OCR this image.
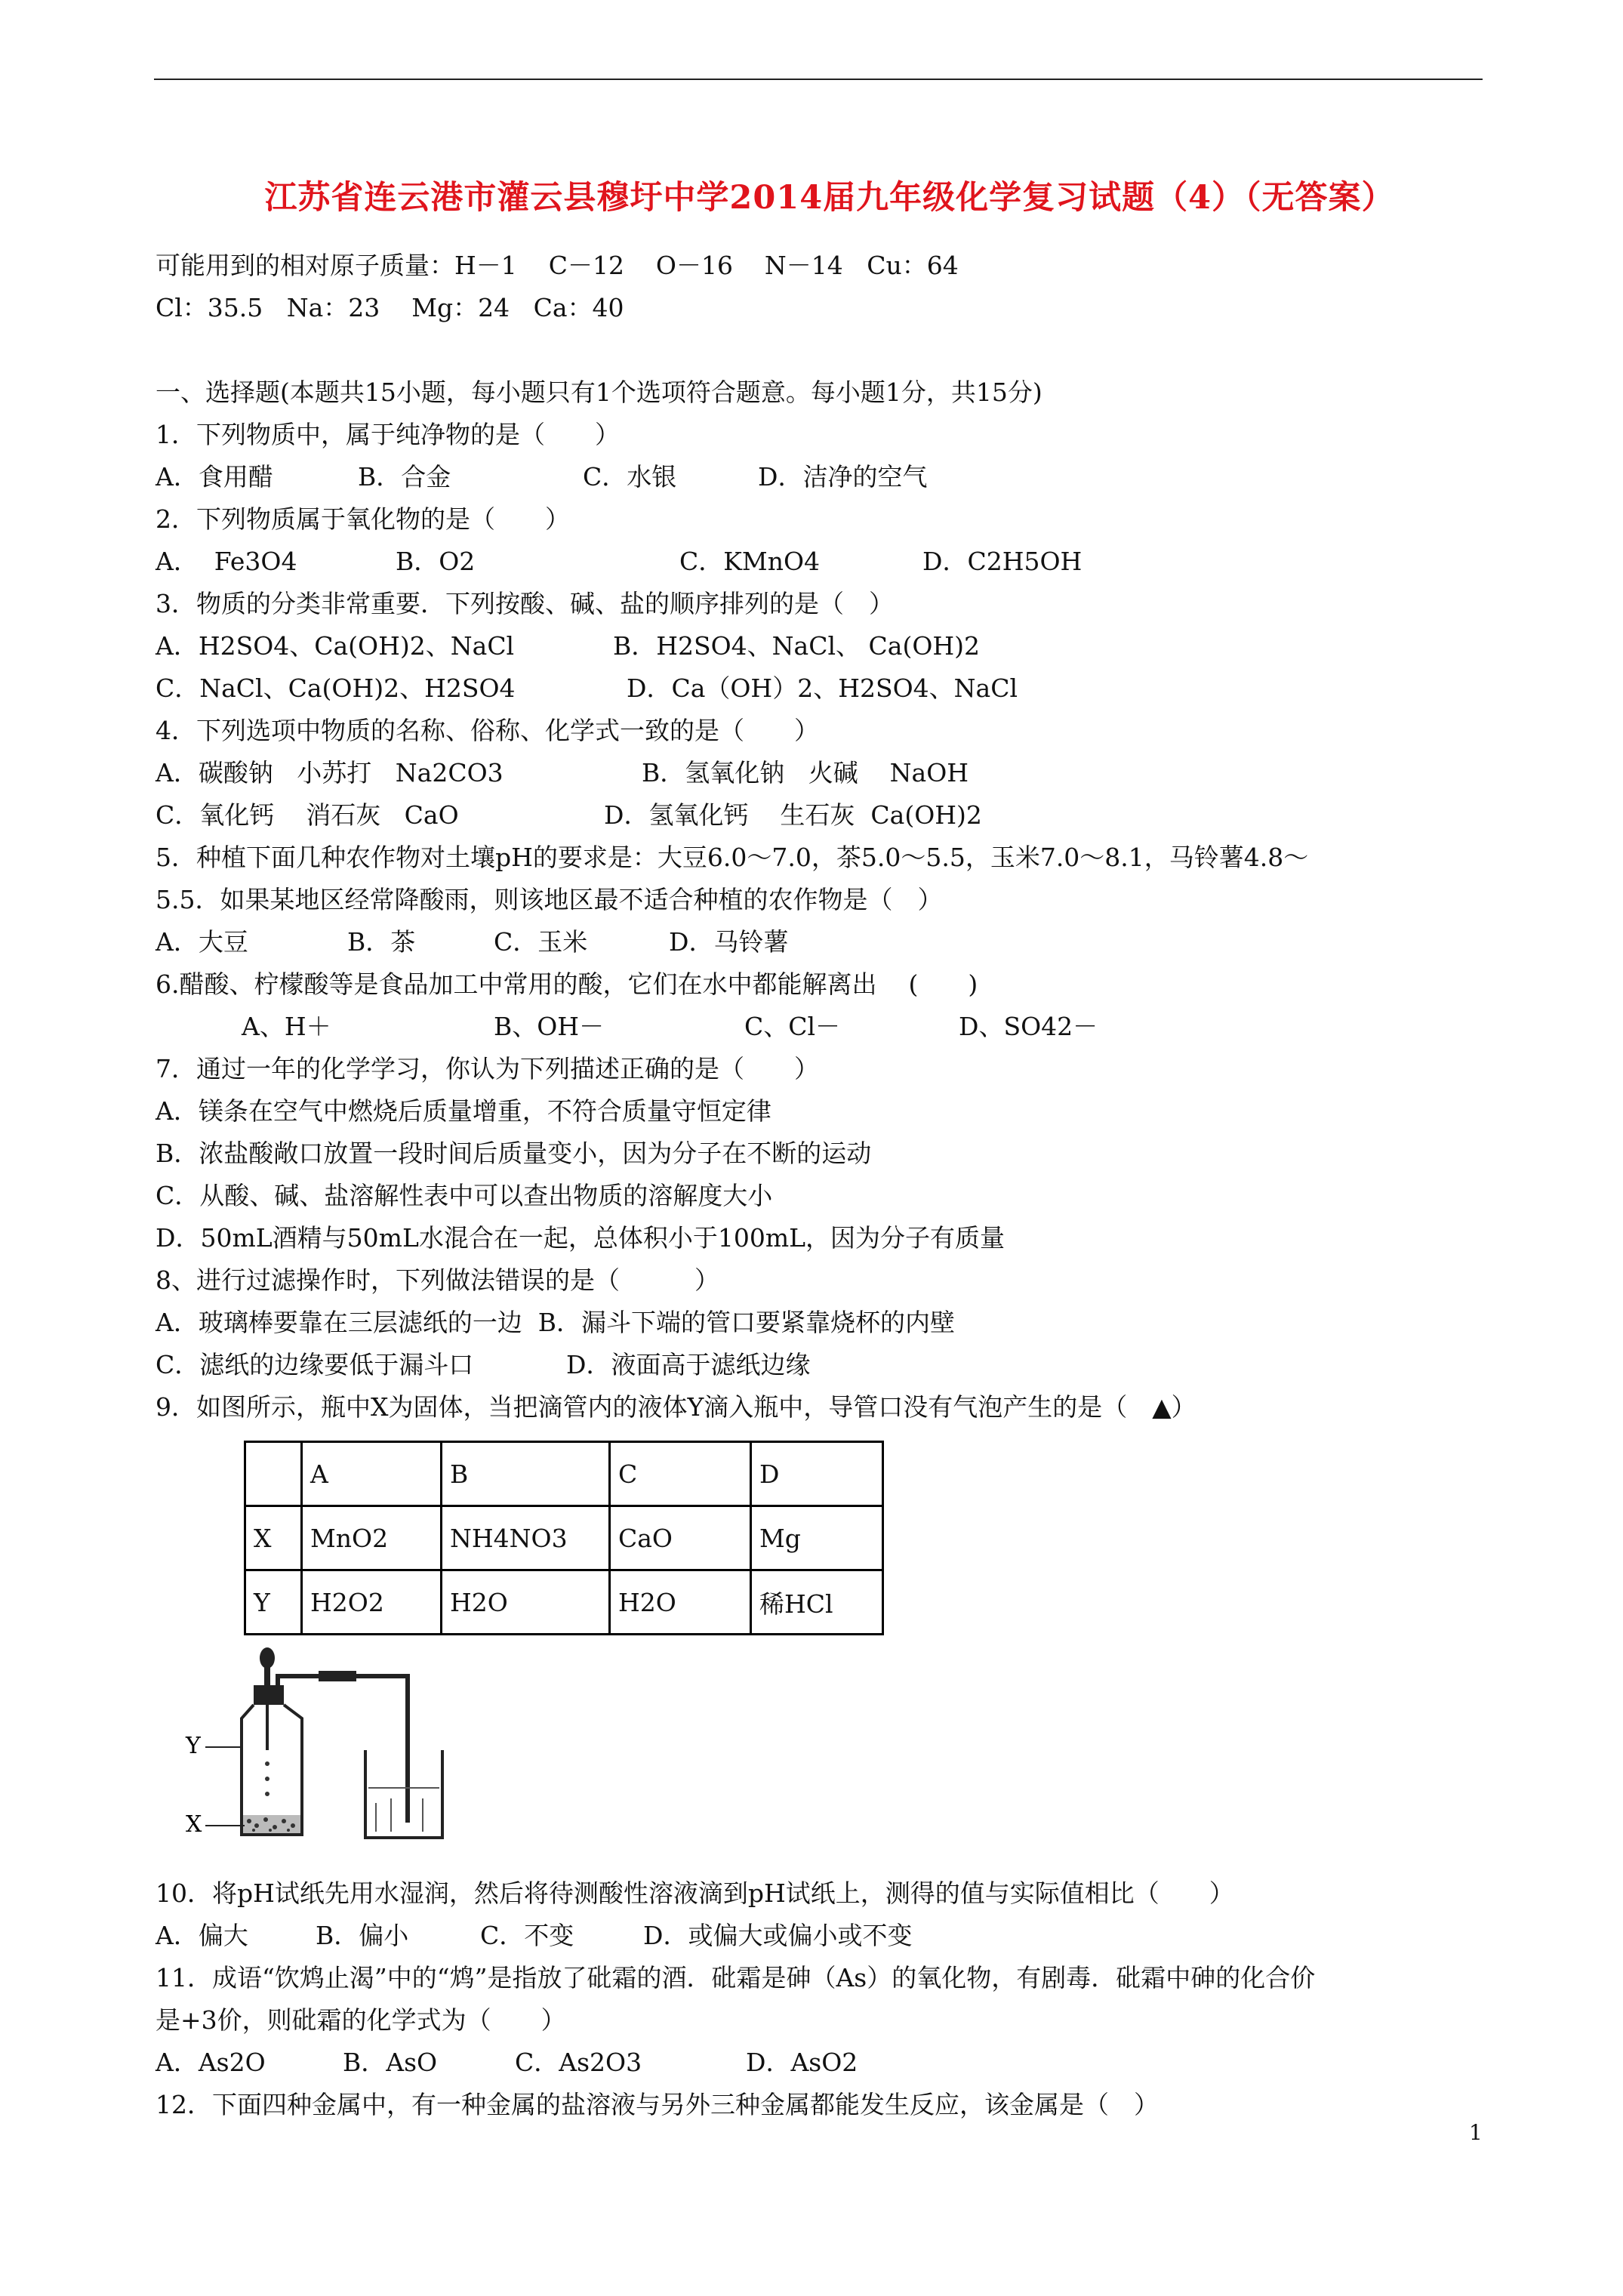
江苏省连云港市灌云县穆圩中学2014届九年级化学复习试题（4）（无答案）
可能用到的相对原子质量：H－1    C－12    O－16    N－14   Cu：64
Cl：35.5   Na：23    Mg：24   Ca：40
一、选择题(本题共15小题，每小题只有1个选项符合题意。每小题1分，共15分)
1．下列物质中，属于纯净物的是（　　）
A．食用醋	B．合金	C．水银	D．洁净的空气
2．下列物质属于氧化物的是（　　）
A．  Fe3O4	B．O2	C．KMnO4	D．C2H5OH
3．物质的分类非常重要．下列按酸、碱、盐的顺序排列的是（　）
A．H2SO4、Ca(OH)2、NaCl	B．H2SO4、NaCl、 Ca(OH)2
C．NaCl、Ca(OH)2、H2SO4	D．Ca（OH）2、H2SO4、NaCl
4．下列选项中物质的名称、俗称、化学式一致的是（　　）
A．碳酸钠   小苏打   Na2CO3	B．氢氧化钠   火碱    NaOH
C．氧化钙    消石灰   CaO	D．氢氧化钙    生石灰  Ca(OH)2
5．种植下面几种农作物对土壤pH的要求是：大豆6.0～7.0，茶5.0～5.5，玉米7.0～8.1，马铃薯4.8～
5.5．如果某地区经常降酸雨，则该地区最不适合种植的农作物是（　）
A．大豆	B．茶	C．玉米	D．马铃薯
6.醋酸、柠檬酸等是食品加工中常用的酸，它们在水中都能解离出    (　　)
A、H＋	B、OH－	C、Cl－	D、SO42－
7．通过一年的化学学习，你认为下列描述正确的是（　　）
A．镁条在空气中燃烧后质量增重，不符合质量守恒定律
B．浓盐酸敞口放置一段时间后质量变小，因为分子在不断的运动
C．从酸、碱、盐溶解性表中可以查出物质的溶解度大小
D．50mL酒精与50mL水混合在一起，总体积小于100mL，因为分子有质量
8、进行过滤操作时，下列做法错误的是（　　　）
A．玻璃棒要靠在三层滤纸的一边  B．漏斗下端的管口要紧靠烧杯的内壁
C．滤纸的边缘要低于漏斗口	D．液面高于滤纸边缘
9．如图所示，瓶中X为固体，当把滴管内的液体Y滴入瓶中，导管口没有气泡产生的是（　▲）
	A	B	C	D
X	MnO2	NH4NO3	CaO	Mg
Y	H2O2	H2O	H2O	稀HCl
Y
X
10．将pH试纸先用水湿润，然后将待测酸性溶液滴到pH试纸上，测得的值与实际值相比（　　）
A．偏大	B．偏小	C．不变	D．或偏大或偏小或不变
11．成语“饮鸩止渴”中的“鸩”是指放了砒霜的酒．砒霜是砷（As）的氧化物，有剧毒．砒霜中砷的化合价
是+3价，则砒霜的化学式为（　　）
A．As2O	B．AsO	C．As2O3	D．AsO2
12．下面四种金属中，有一种金属的盐溶液与另外三种金属都能发生反应，该金属是（　）
1
